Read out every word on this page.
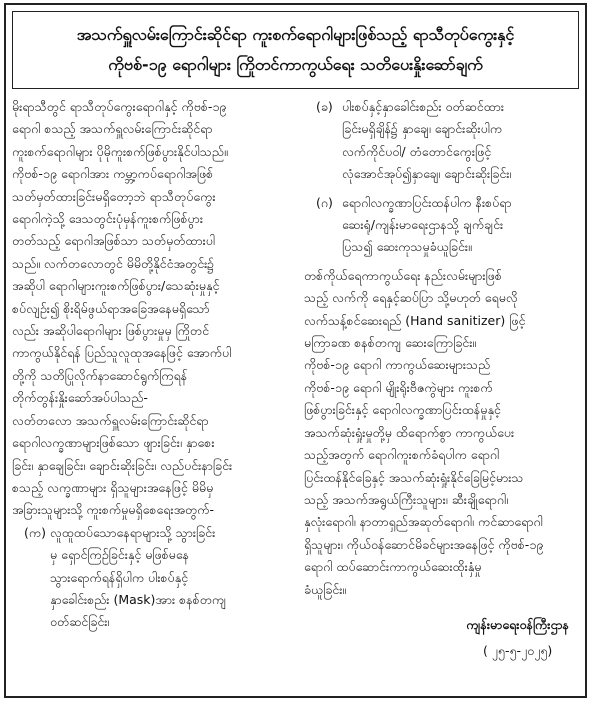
အသက်ရှူလမ်းကြောင်းဆိုင်ရာ ကူးစက်ရောဂါများဖြစ်သည့် ရာသီတုပ်ကွေးနှင့်
ကိုဗစ်-၁၉ ရောဂါများ ကြိုတင်ကာကွယ်ရေး သတိပေးနှိုးဆော်ချက်

မိုးရာသီတွင် ရာသီတုပ်ကွေးရောဂါနှင့် ကိုဗစ်-၁၉
ရောဂါ စသည့် အသက်ရှူလမ်းကြောင်းဆိုင်ရာ
ကူးစက်ရောဂါများ ပိုမိုကူးစက်ဖြစ်ပွားနိုင်ပါသည်။
ကိုဗစ်-၁၉ ရောဂါအား ကမ္ဘာ့ကပ်ရောဂါအဖြစ်
သတ်မှတ်ထားခြင်းမရှိတော့ဘဲ ရာသီတုပ်ကွေး
ရောဂါကဲ့သို့ ဒေသတွင်းပုံမှန်ကူးစက်ဖြစ်ပွား
တတ်သည့် ရောဂါအဖြစ်သာ သတ်မှတ်ထားပါ
သည်။ လက်တလောတွင် မိမိတို့နိုင်ငံအတွင်း၌
အဆိုပါ ရောဂါများကူးစက်ဖြစ်ပွား/သေဆုံးမှုနှင့်
စပ်လျဉ်း၍ စိုးရိမ်ဖွယ်ရာအခြေအနေမရှိသော်
လည်း အဆိုပါရောဂါများ ဖြစ်ပွားမှုမှ ကြိုတင်
ကာကွယ်နိုင်ရန် ပြည်သူလူထုအနေဖြင့် အောက်ပါ
တို့ကို သတိပြုလိုက်နာဆောင်ရွက်ကြရန်
တိုက်တွန်းနှိုးဆော်အပ်ပါသည်-

လတ်တလော အသက်ရှူလမ်းကြောင်းဆိုင်ရာ
ရောဂါလက္ခဏာများဖြစ်သော ဖျားခြင်း၊ နှာစေး
ခြင်း၊ နှာချေခြင်း၊ ချောင်းဆိုးခြင်း၊ လည်ပင်းနာခြင်း
စသည့် လက္ခဏာများ ရှိသူများအနေဖြင့် မိမိမှ
အခြားသူများသို့ ကူးစက်မှုမရှိစေရေးအတွက်-

(က) လူထူထပ်သောနေရာများသို့ သွားခြင်း
မှ ရှောင်ကြဉ်ခြင်းနှင့် မဖြစ်မနေ
သွားရောက်ရန်ရှိပါက ပါးစပ်နှင့်
နှာခေါင်းစည်း (Mask)အား စနစ်တကျ
ဝတ်ဆင်ခြင်း၊
(ခ) ပါးစပ်နှင့်နှာခေါင်းစည်း ဝတ်ဆင်ထား
ခြင်းမရှိချိန်၌ နှာချေ၊ ချောင်းဆိုးပါက
လက်ကိုင်ပဝါ/ တံတောင်ကွေးဖြင့်
လုံအောင်အုပ်၍နှာချေ၊ ချောင်းဆိုးခြင်း၊
(ဂ) ရောဂါလက္ခဏာပြင်းထန်ပါက နီးစပ်ရာ
ဆေးရုံ/ကျန်းမာရေးဌာနသို့ ချက်ချင်း
ပြသ၍ ဆေးကုသမှုခံယူခြင်း။

တစ်ကိုယ်ရေကာကွယ်ရေး နည်းလမ်းများဖြစ်
သည့် လက်ကို ရေနှင့်ဆပ်ပြာ သို့မဟုတ် ရေမလို
လက်သန့်စင်ဆေးရည် (Hand sanitizer) ဖြင့်
မကြာခဏ စနစ်တကျ ဆေးကြောခြင်း။

ကိုဗစ်-၁၉ ရောဂါ ကာကွယ်ဆေးများသည်
ကိုဗစ်-၁၉ ရောဂါ မျိုးရိုးဗီဇကွဲများ ကူးစက်
ဖြစ်ပွားခြင်းနှင့် ရောဂါလက္ခဏာပြင်းထန်မှုနှင့်
အသက်ဆုံးရှုံးမှုတို့မှ ထိရောက်စွာ ကာကွယ်ပေး
သည့်အတွက် ရောဂါကူးစက်ခံရပါက ရောဂါ
ပြင်းထန်နိုင်ခြေနှင့် အသက်ဆုံးရှုံးနိုင်ခြေမြင့်မားသ
သည့် အသက်အရွယ်ကြီးသူများ၊ ဆီးချိုရောဂါ၊
နှလုံးရောဂါ၊ နာတာရှည်အဆုတ်ရောဂါ၊ ကင်ဆာရောဂါ
ရှိသူများ၊ ကိုယ်ဝန်ဆောင်မိခင်များအနေဖြင့် ကိုဗစ်-၁၉
ရောဂါ ထပ်ဆောင်းကာကွယ်ဆေးထိုးနှံမှု
ခံယူခြင်း။

ကျန်းမာရေးဝန်ကြီးဌာန
( ၂၅-၅-၂၀၂၅)
